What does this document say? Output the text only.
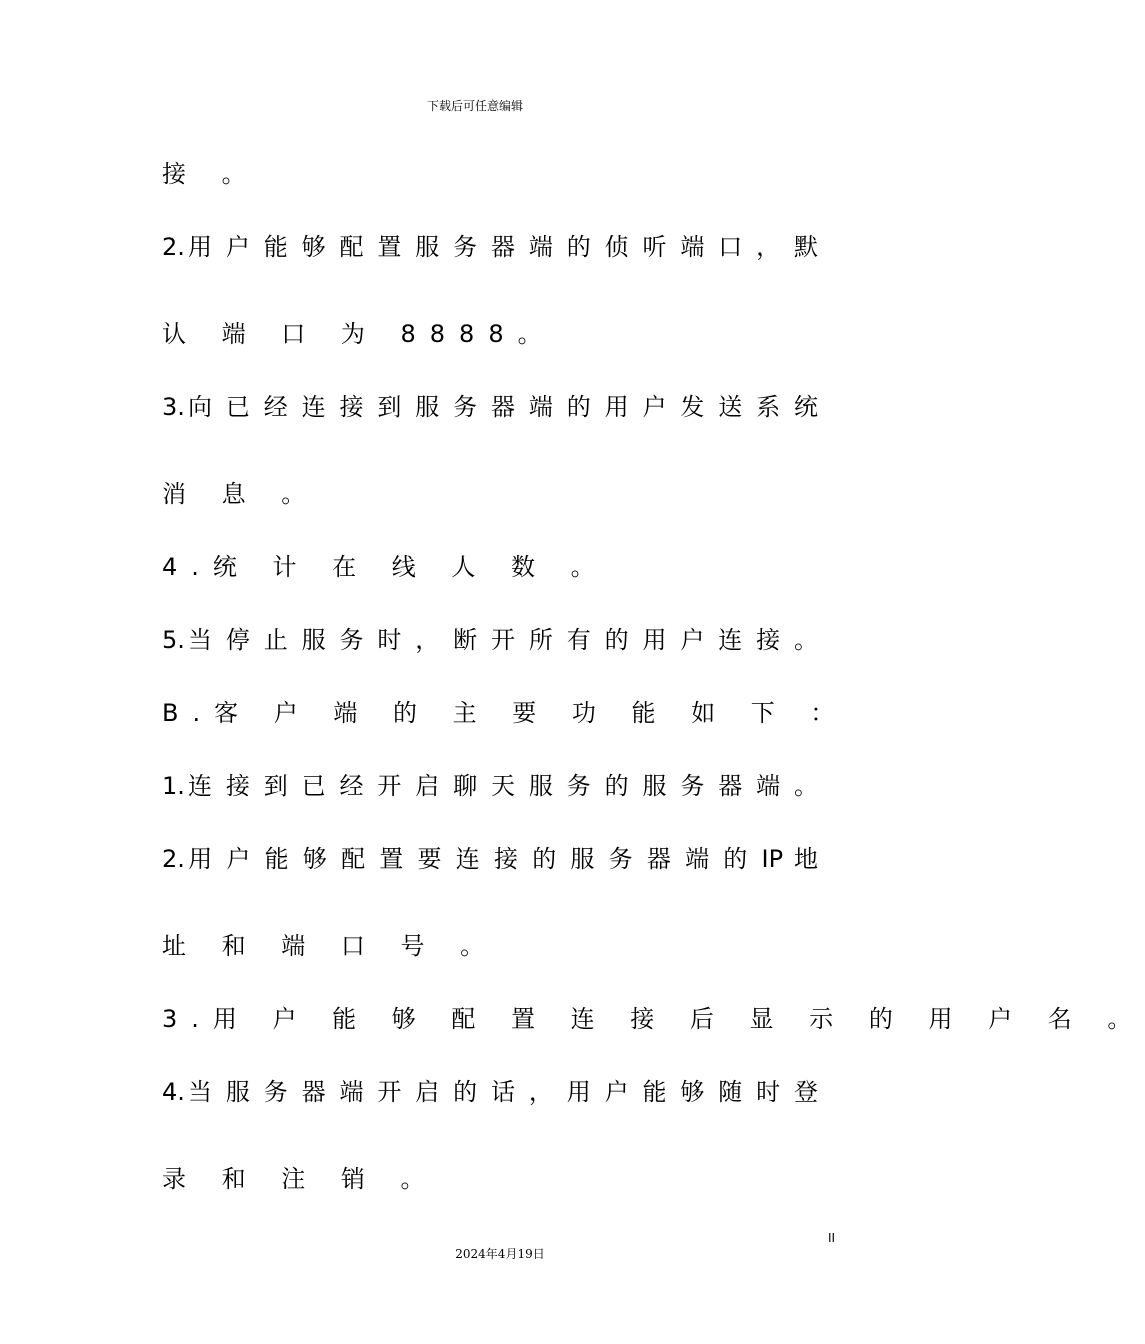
下载后可任意编辑
接 。
2.用 户 能 够 配 置 服 务 器 端 的 侦 听 端 口 ， 默
认 端 口 为 8888。
3.向 已 经 连 接 到 服 务 器 端 的 用 户 发 送 系 统
消 息 。
4.统 计 在 线 人 数 。
5.当 停 止 服 务 时 ， 断 开 所 有 的 用 户 连 接 。
B.客 户 端 的 主 要 功 能 如 下 ：
1.连 接 到 已 经 开 启 聊 天 服 务 的 服 务 器 端 。
2.用 户 能 够 配 置 要 连 接 的 服 务 器 端 的 IP 地
址 和 端 口 号 。
3.用 户 能 够 配 置 连 接 后 显 示 的 用 户 名 。
4.当 服 务 器 端 开 启 的 话 ， 用 户 能 够 随 时 登
录 和 注 销 。
II
2024年4月19日
